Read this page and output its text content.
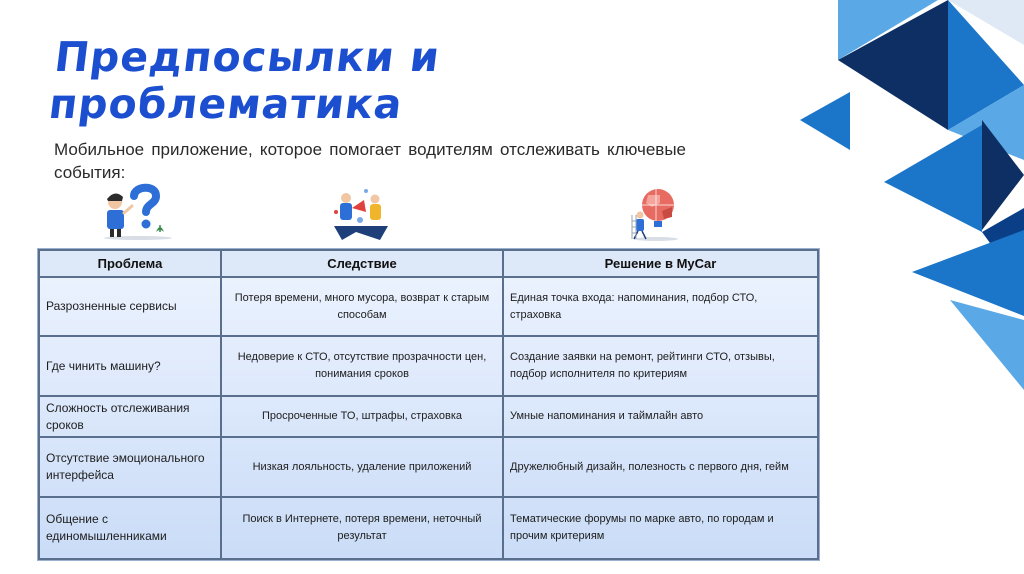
Предпосылки и
проблематика

Мобильное приложение, которое помогает водителям отслеживать ключевые события:

Проблема	Следствие	Решение в MyCar
Разрозненные сервисы	Потеря времени, много мусора, возврат к старым способам	Единая точка входа: напоминания, подбор СТО, страховка
Где чинить машину?	Недоверие к СТО, отсутствие прозрачности цен, понимания сроков	Создание заявки на ремонт, рейтинги СТО, отзывы, подбор исполнителя по критериям
Сложность отслеживания сроков	Просроченные ТО, штрафы, страховка	Умные напоминания и таймлайн авто
Отсутствие эмоционального интерфейса	Низкая лояльность, удаление приложений	Дружелюбный дизайн, полезность с первого дня, гейм
Общение с единомышленниками	Поиск в Интернете, потеря времени, неточный результат	Тематические форумы по марке авто, по городам и прочим критериям
